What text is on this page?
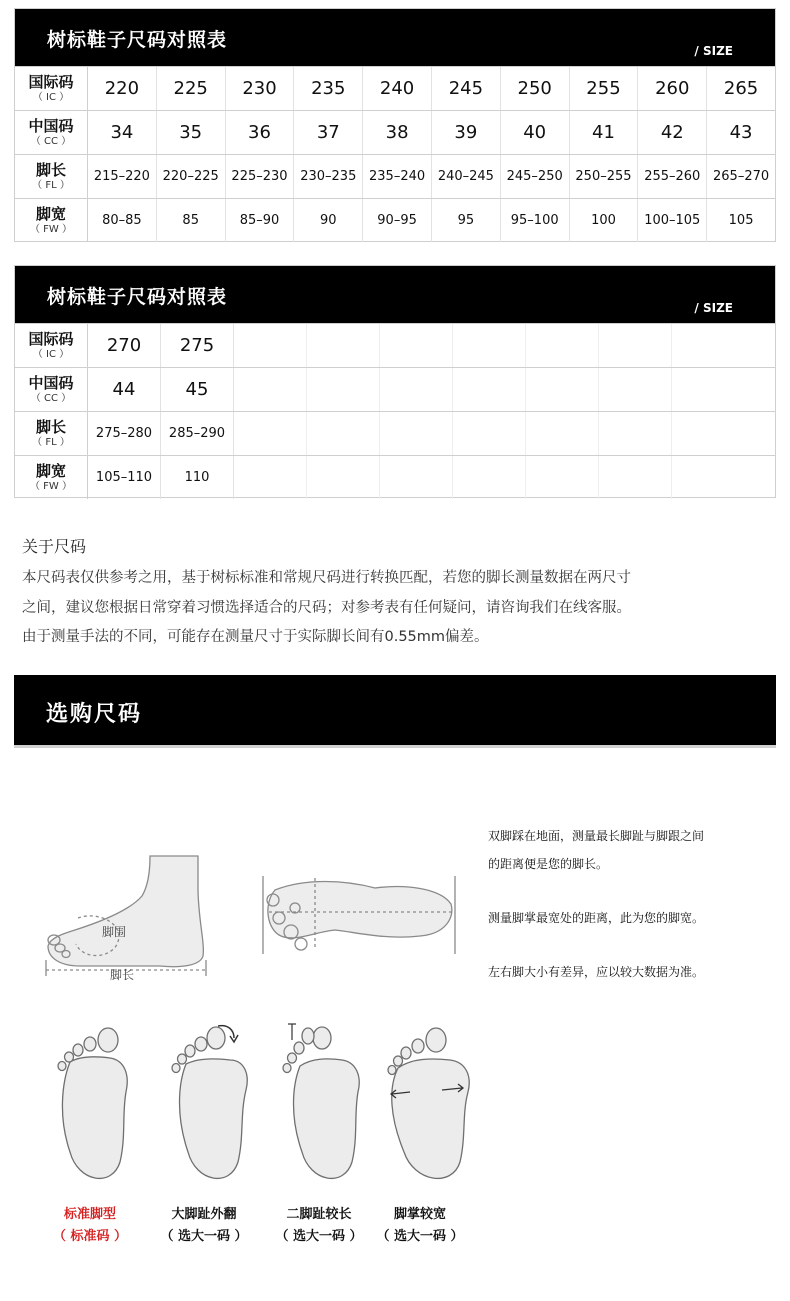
树标鞋子尺码对照表	/ SIZE
国际码
（ IC ）	220	225	230	235	240	245	250	255	260	265
中国码
（ CC ）	34	35	36	37	38	39	40	41	42	43
脚长
（ FL ）
215–220 220–225 225–230 230–235 235–240 240–245 245–250 250–255 255–260 265–270
脚宽
（ FW ）
80–85	85	85–90	90	90–95	95	95–100	100	100–105	105
树标鞋子尺码对照表	/ SIZE
国际码
（ IC ）	270	275
中国码
（ CC ）	44	45
脚长
（ FL ）
275–280	285–290
脚宽
（ FW ）
105–110	110
关于尺码
本尺码表仅供参考之用，基于树标标准和常规尺码进行转换匹配，若您的脚长测量数据在两尺寸
之间，建议您根据日常穿着习惯选择适合的尺码；对参考表有任何疑问，请咨询我们在线客服。
由于测量手法的不同，可能存在测量尺寸于实际脚长间有0.55mm偏差。
选购尺码
脚围
脚长

双脚踩在地面，测量最长脚趾与脚跟之间

的距离便是您的脚长。

测量脚掌最宽处的距离，此为您的脚宽。

左右脚大小有差异，应以较大数据为准。

标准脚型
（ 标准码 ）
大脚趾外翻
（ 选大一码 ）
二脚趾较长
（ 选大一码 ）
脚掌较宽
（ 选大一码 ）
